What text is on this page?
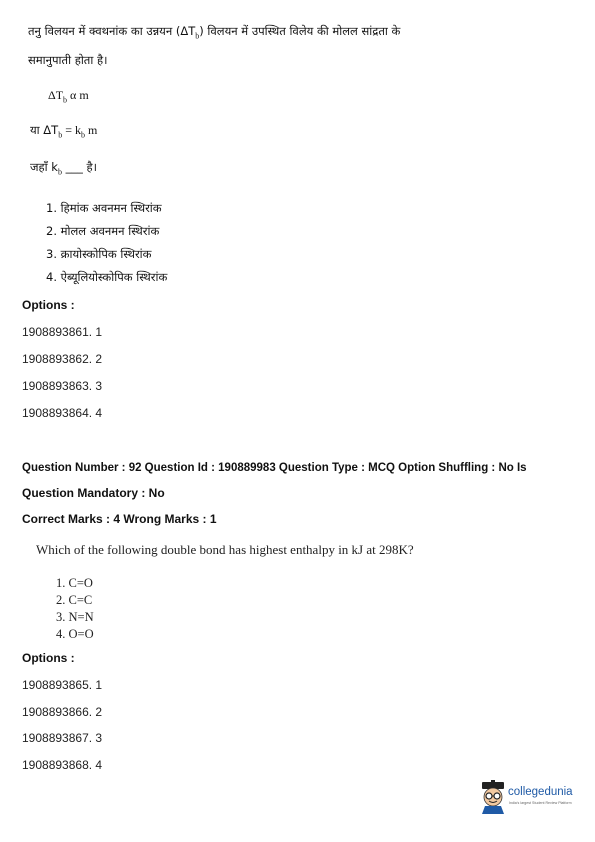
तनु विलयन में क्वथनांक का उन्नयन $(\Delta T_b)$ विलयन में उपस्थित विलेय की मोलल सांद्रता के
समानुपाती होता है।
$\Delta T_b$ α m
या $\Delta T_b = k_b$ m
जहाँ $k_b$ ___ है।
1. हिमांक अवनमन स्थिरांक
2. मोलल अवनमन स्थिरांक
3. क्रायोस्कोपिक स्थिरांक
4. ऐब्यूलियोस्कोपिक स्थिरांक
Options :
1908893861. 1
1908893862. 2
1908893863. 3
1908893864. 4
Question Number : 92 Question Id : 190889983 Question Type : MCQ Option Shuffling : No Is
Question Mandatory : No
Correct Marks : 4 Wrong Marks : 1
Which of the following double bond has highest enthalpy in kJ at 298K?
1. C=O
2. C=C
3. N=N
4. O=O
Options :
1908893865. 1
1908893866. 2
1908893867. 3
1908893868. 4
collegedunia
India's largest Student Review Platform
